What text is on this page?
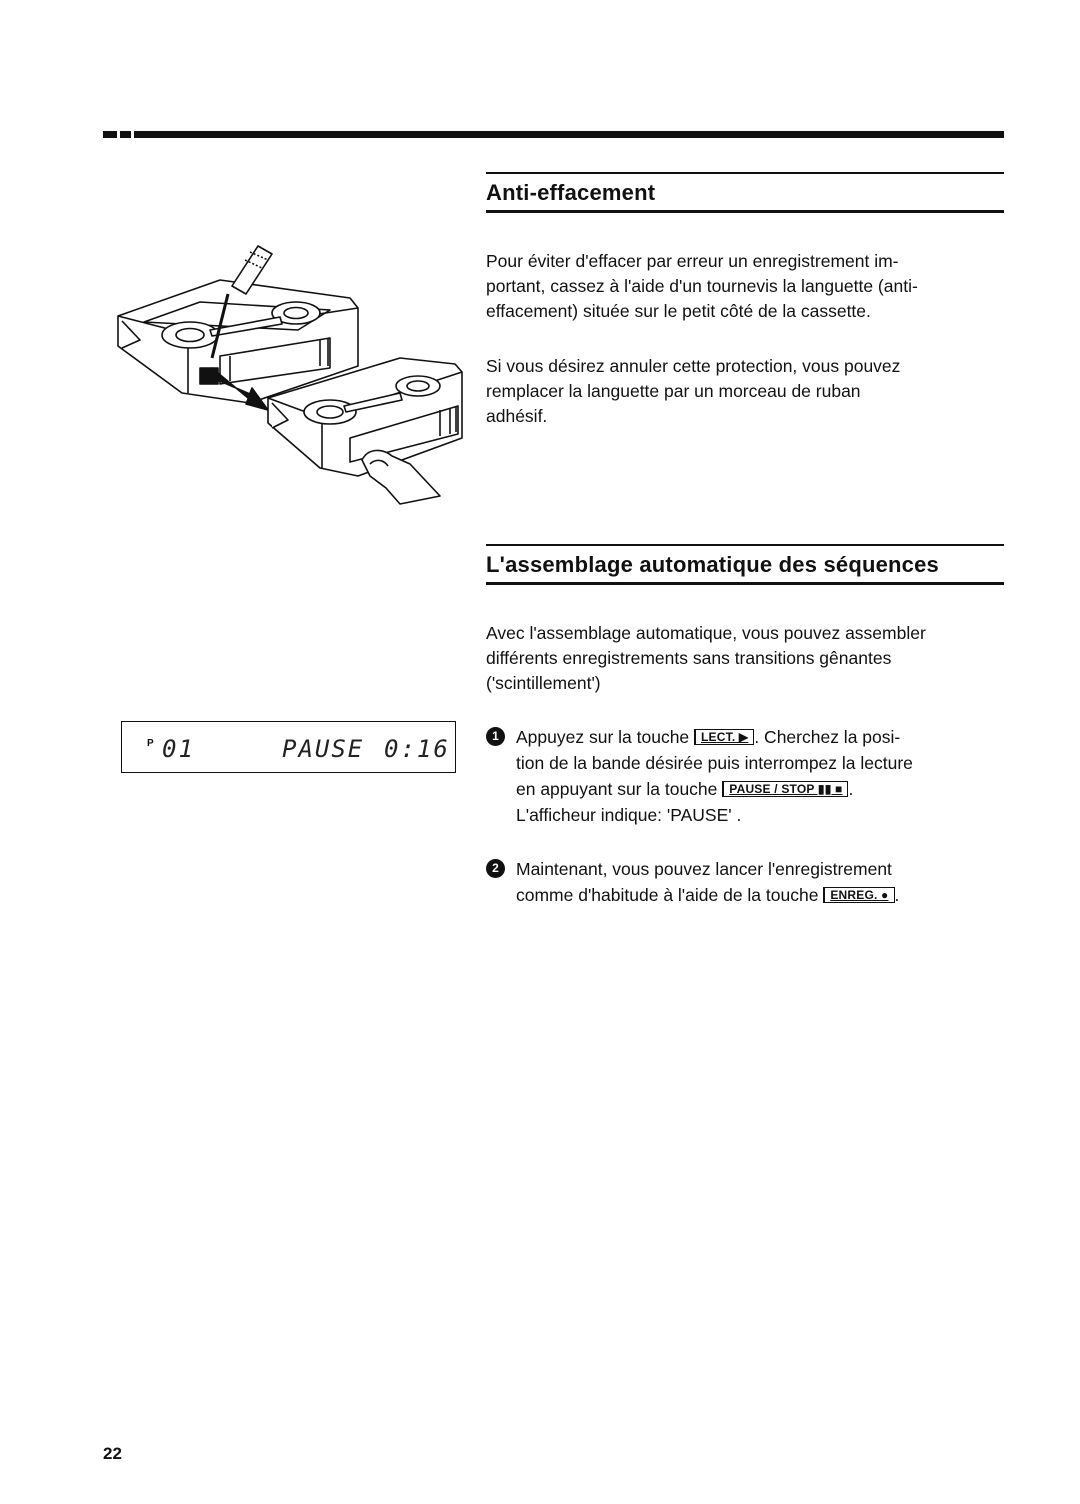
Anti-effacement

Pour éviter d'effacer par erreur un enregistrement im-

portant, cassez à l'aide d'un tournevis la languette (anti-

effacement) située sur le petit côté de la cassette.

Si vous désirez annuler cette protection, vous pouvez

remplacer la languette par un morceau de ruban

adhésif.

L'assemblage automatique des séquences

Avec l'assemblage automatique, vous pouvez assembler

différents enregistrements sans transitions gênantes

('scintillement')

1 Appuyez sur la touche LECT. ▶ . Cherchez la posi-
tion de la bande désirée puis interrompez la lecture
en appuyant sur la touche PAUSE / STOP ▮▮ ■ .
L'afficheur indique: 'PAUSE' .
2 Maintenant, vous pouvez lancer l'enregistrement
comme d'habitude à l'aide de la touche ENREG. ● .
P 01	PAUSE 0:16
22
